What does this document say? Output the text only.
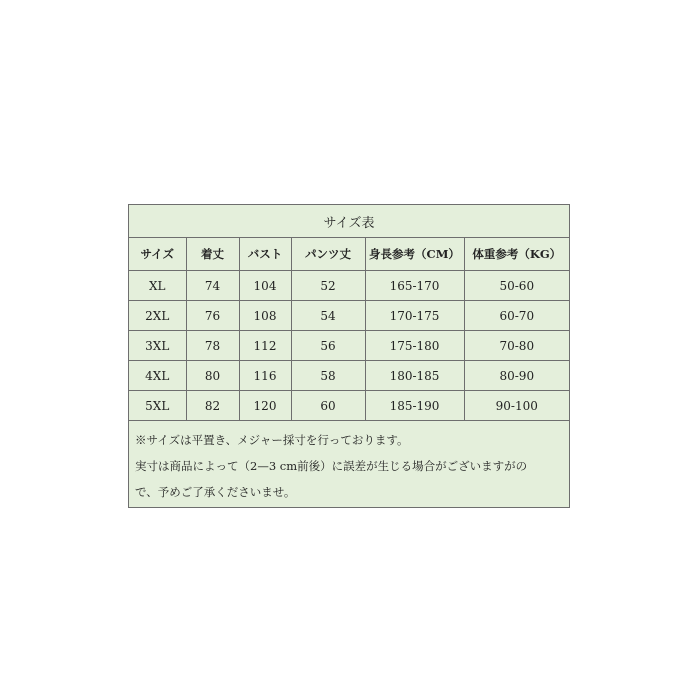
サイズ表					
サイズ	着丈	バスト	パンツ丈	身長参考（CM）	体重参考（KG）
XL	74	104	52	165-170	50-60
2XL	76	108	54	170-175	60-70
3XL	78	112	56	175-180	70-80
4XL	80	116	58	180-185	80-90
5XL	82	120	60	185-190	90-100
※サイズは平置き、メジャー採寸を行っております。
実寸は商品によって（2—3 cm前後）に誤差が生じる場合がございますがの
で、予めご了承くださいませ。
